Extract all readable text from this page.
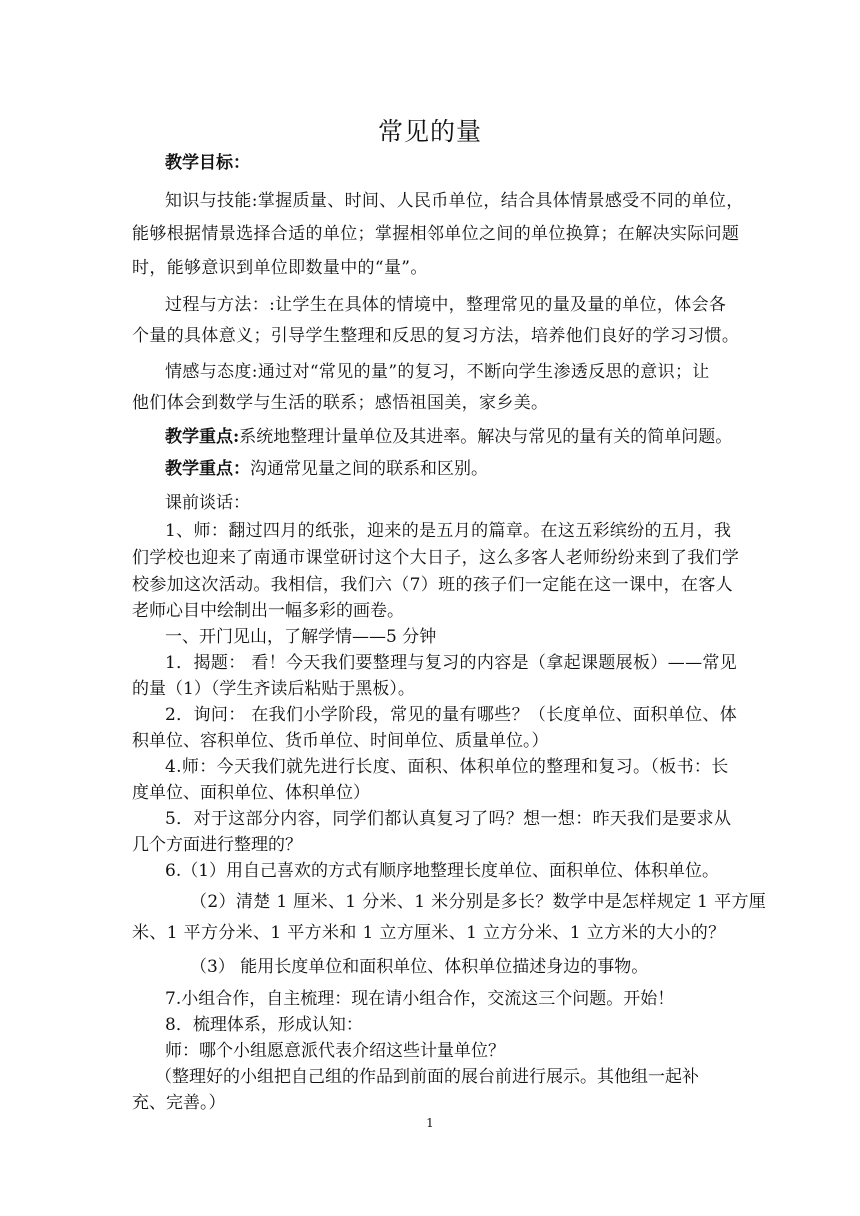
常见的量
教学目标：
知识与技能:掌握质量、时间、人民币单位，结合具体情景感受不同的单位，
能够根据情景选择合适的单位；掌握相邻单位之间的单位换算；在解决实际问题
时，能够意识到单位即数量中的“量”。
过程与方法：:让学生在具体的情境中，整理常见的量及量的单位，体会各
个量的具体意义；引导学生整理和反思的复习方法，培养他们良好的学习习惯。
情感与态度:通过对“常见的量”的复习，不断向学生渗透反思的意识；让
他们体会到数学与生活的联系；感悟祖国美，家乡美。
教学重点:系统地整理计量单位及其进率。解决与常见的量有关的简单问题。
教学重点：沟通常见量之间的联系和区别。
课前谈话：
1、师：翻过四月的纸张，迎来的是五月的篇章。在这五彩缤纷的五月，我
们学校也迎来了南通市课堂研讨这个大日子，这么多客人老师纷纷来到了我们学
校参加这次活动。我相信，我们六（7）班的孩子们一定能在这一课中，在客人
老师心目中绘制出一幅多彩的画卷。
一、开门见山，了解学情——5 分钟
1．揭题： 看！今天我们要整理与复习的内容是（拿起课题展板）——常见
的量（1）（学生齐读后粘贴于黑板）。
2．询问： 在我们小学阶段，常见的量有哪些？（长度单位、面积单位、体
积单位、容积单位、货币单位、时间单位、质量单位。）
4.师：今天我们就先进行长度、面积、体积单位的整理和复习。（板书：长
度单位、面积单位、体积单位）
5．对于这部分内容，同学们都认真复习了吗？想一想：昨天我们是要求从
几个方面进行整理的？
6.（1）用自己喜欢的方式有顺序地整理长度单位、面积单位、体积单位。
（2）清楚 1 厘米、1 分米、1 米分别是多长？数学中是怎样规定 1 平方厘
米、1 平方分米、1 平方米和 1 立方厘米、1 立方分米、1 立方米的大小的？
（3） 能用长度单位和面积单位、体积单位描述身边的事物。
7.小组合作，自主梳理：现在请小组合作，交流这三个问题。开始！
8．梳理体系，形成认知：
师：哪个小组愿意派代表介绍这些计量单位？
（整理好的小组把自己组的作品到前面的展台前进行展示。其他组一起补
充、完善。）
1
